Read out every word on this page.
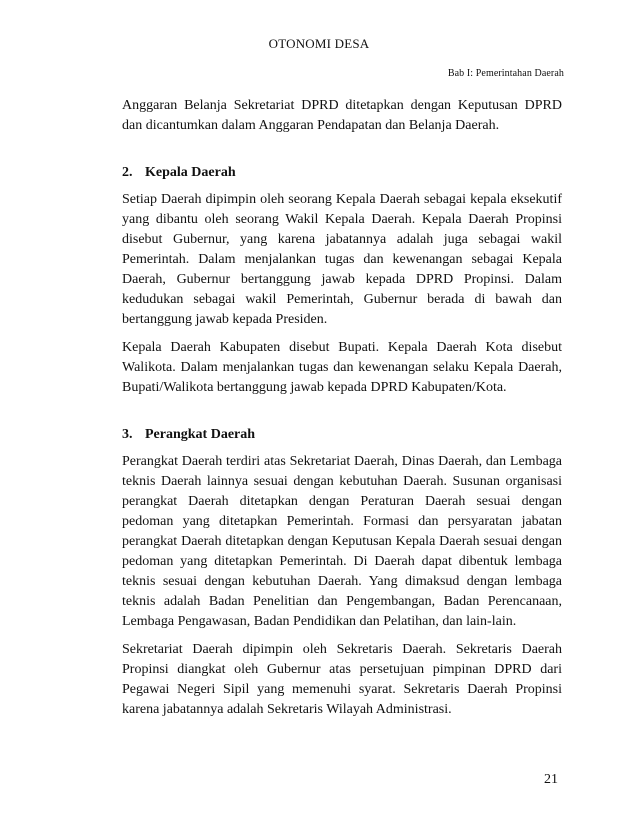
OTONOMI DESA
Bab I: Pemerintahan Daerah

Anggaran Belanja Sekretariat DPRD ditetapkan dengan Keputusan DPRD dan dicantumkan dalam Anggaran Pendapatan dan Belanja Daerah.

2. Kepala Daerah

Setiap Daerah dipimpin oleh seorang Kepala Daerah sebagai kepala eksekutif yang dibantu oleh seorang Wakil Kepala Daerah. Kepala Daerah Propinsi disebut Gubernur, yang karena jabatannya adalah juga sebagai wakil Pemerintah. Dalam menjalankan tugas dan kewenangan sebagai Kepala Daerah, Gubernur bertanggung jawab kepada DPRD Propinsi. Dalam kedudukan sebagai wakil Pemerintah, Gubernur berada di bawah dan bertanggung jawab kepada Presiden.

Kepala Daerah Kabupaten disebut Bupati. Kepala Daerah Kota disebut Walikota. Dalam menjalankan tugas dan kewenangan selaku Kepala Daerah, Bupati/Walikota bertanggung jawab kepada DPRD Kabupaten/Kota.

3. Perangkat Daerah

Perangkat Daerah terdiri atas Sekretariat Daerah, Dinas Daerah, dan Lembaga teknis Daerah lainnya sesuai dengan kebutuhan Daerah. Susunan organisasi perangkat Daerah ditetapkan dengan Peraturan Daerah sesuai dengan pedoman yang ditetapkan Pemerintah. Formasi dan persyaratan jabatan perangkat Daerah ditetapkan dengan Keputusan Kepala Daerah sesuai dengan pedoman yang ditetapkan Pemerintah. Di Daerah dapat dibentuk lembaga teknis sesuai dengan kebutuhan Daerah. Yang dimaksud dengan lembaga teknis adalah Badan Penelitian dan Pengembangan, Badan Perencanaan, Lembaga Pengawasan, Badan Pendidikan dan Pelatihan, dan lain-lain.

Sekretariat Daerah dipimpin oleh Sekretaris Daerah. Sekretaris Daerah Propinsi diangkat oleh Gubernur atas persetujuan pimpinan DPRD dari Pegawai Negeri Sipil yang memenuhi syarat. Sekretaris Daerah Propinsi karena jabatannya adalah Sekretaris Wilayah Administrasi.

21
